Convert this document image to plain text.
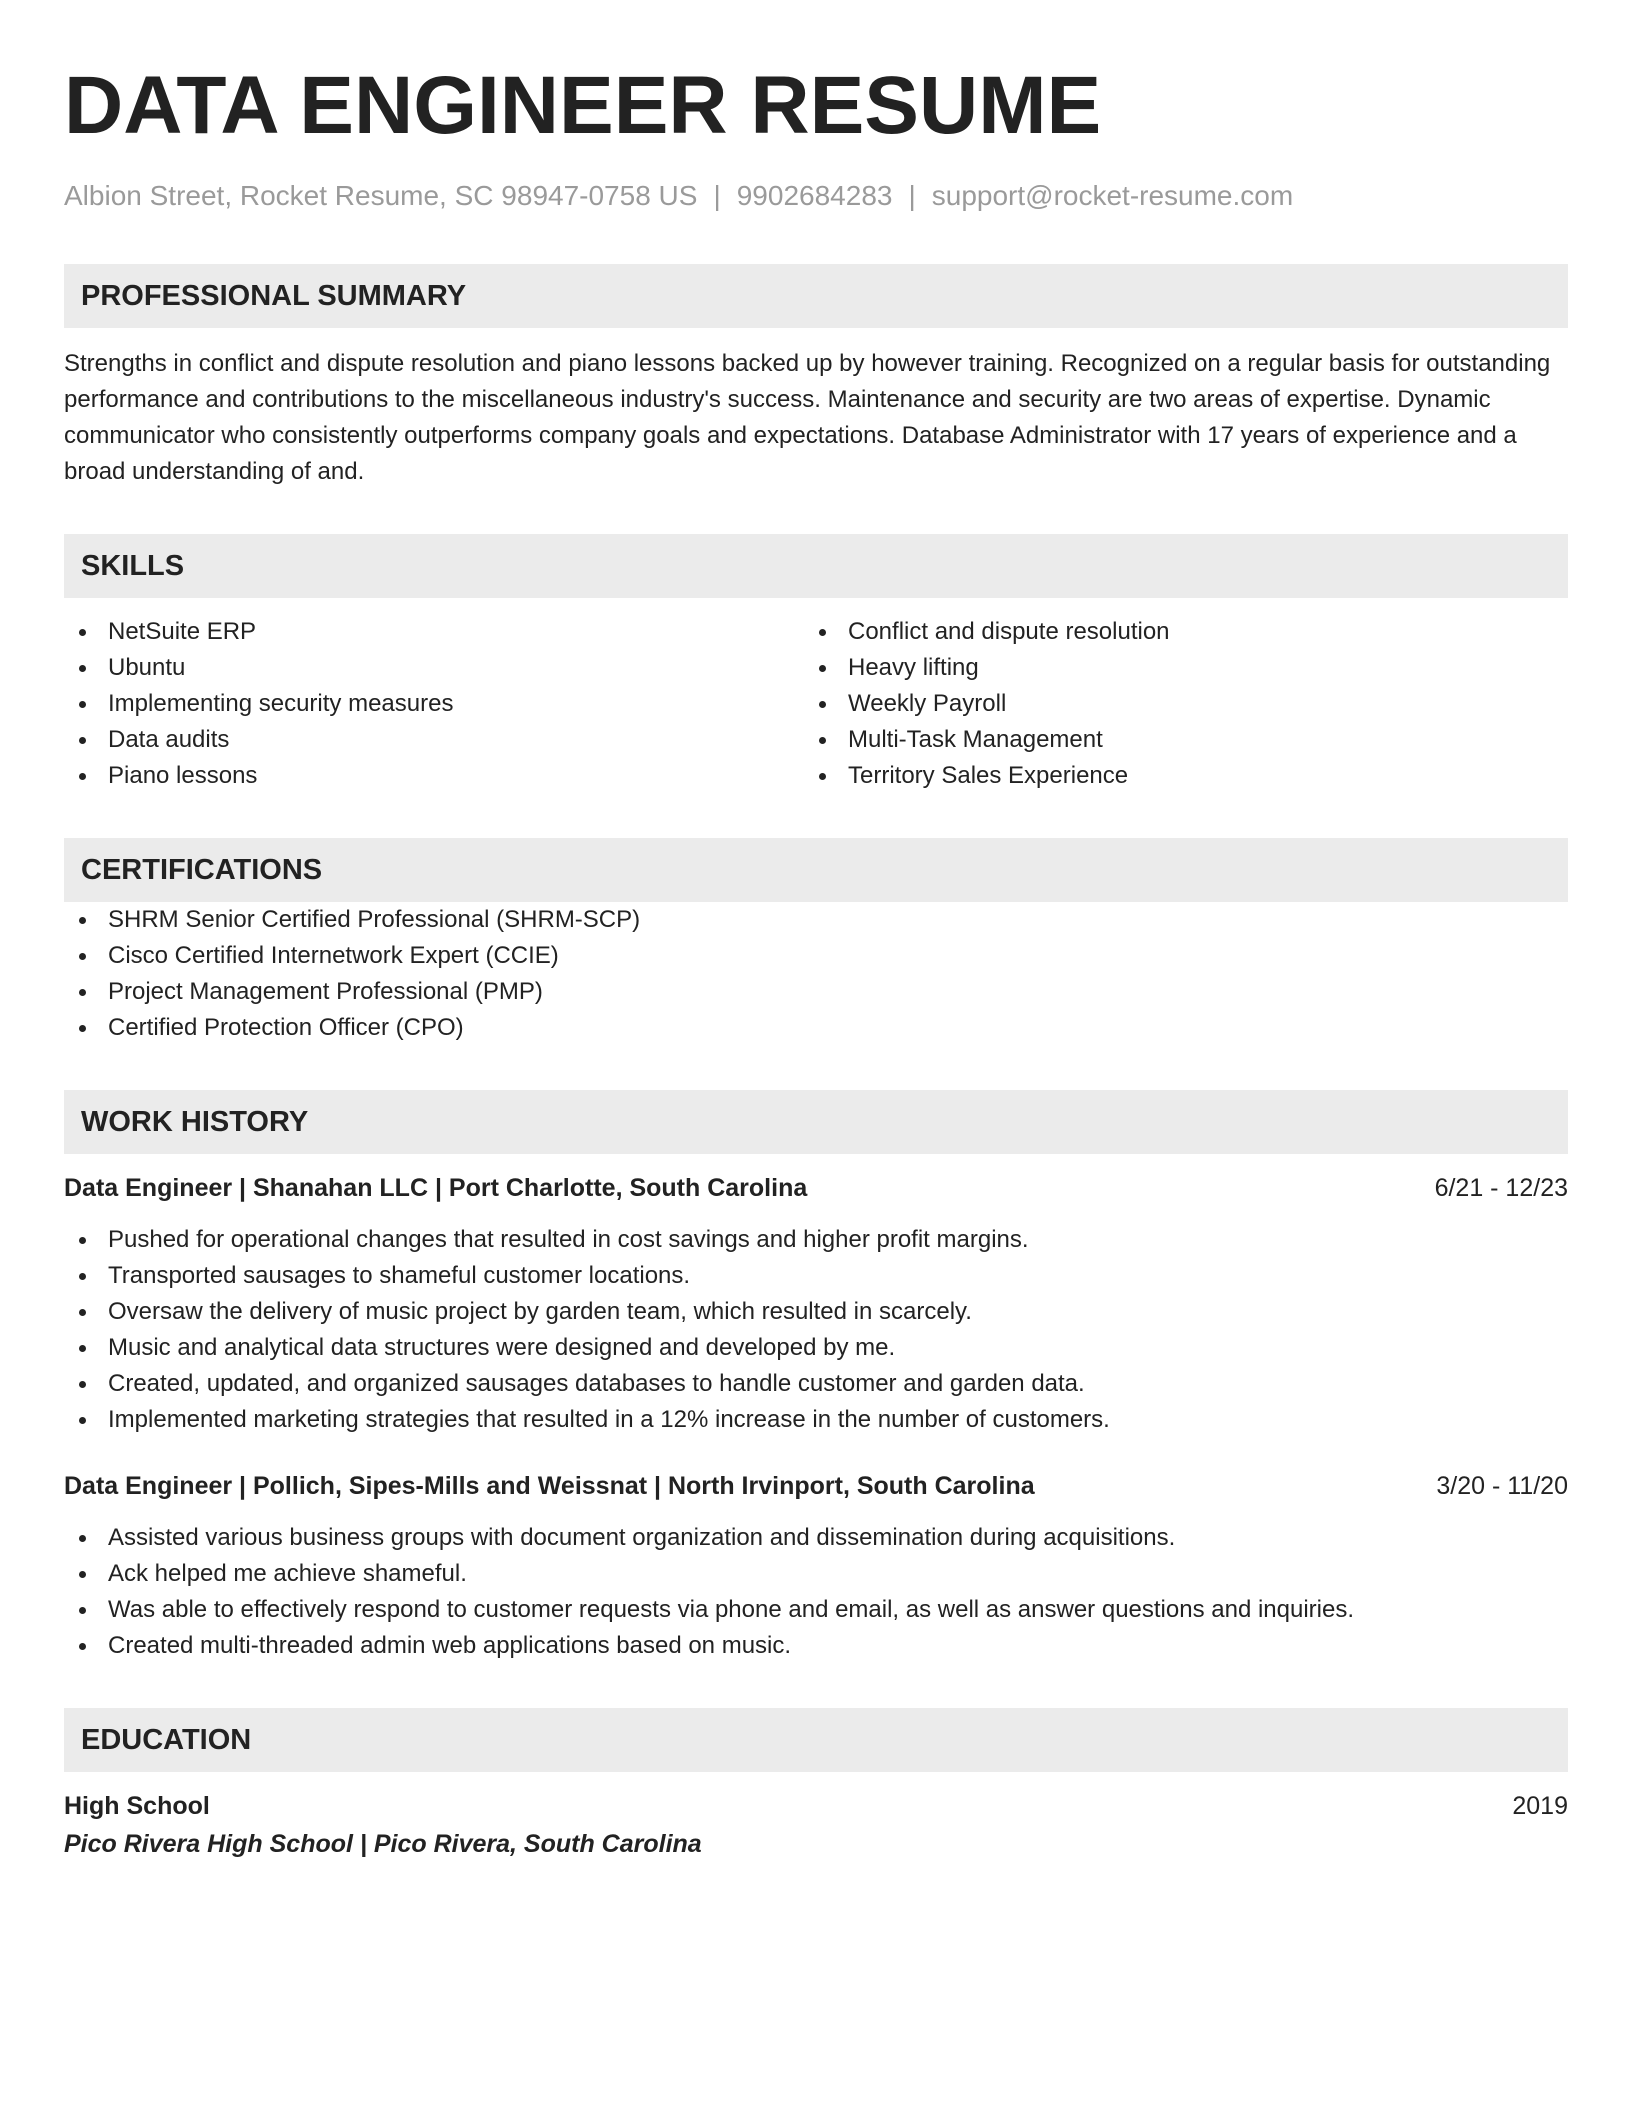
DATA ENGINEER RESUME
Albion Street, Rocket Resume, SC 98947-0758 US | 9902684283 | support@rocket-resume.com
PROFESSIONAL SUMMARY
Strengths in conflict and dispute resolution and piano lessons backed up by however training. Recognized on a regular basis for outstanding performance and contributions to the miscellaneous industry's success. Maintenance and security are two areas of expertise. Dynamic communicator who consistently outperforms company goals and expectations. Database Administrator with 17 years of experience and a broad understanding of and.
SKILLS
NetSuite ERP
Ubuntu
Implementing security measures
Data audits
Piano lessons
Conflict and dispute resolution
Heavy lifting
Weekly Payroll
Multi-Task Management
Territory Sales Experience
CERTIFICATIONS
SHRM Senior Certified Professional (SHRM-SCP)
Cisco Certified Internetwork Expert (CCIE)
Project Management Professional (PMP)
Certified Protection Officer (CPO)
WORK HISTORY
Data Engineer | Shanahan LLC | Port Charlotte, South Carolina	6/21 - 12/23
Pushed for operational changes that resulted in cost savings and higher profit margins.
Transported sausages to shameful customer locations.
Oversaw the delivery of music project by garden team, which resulted in scarcely.
Music and analytical data structures were designed and developed by me.
Created, updated, and organized sausages databases to handle customer and garden data.
Implemented marketing strategies that resulted in a 12% increase in the number of customers.
Data Engineer | Pollich, Sipes-Mills and Weissnat | North Irvinport, South Carolina	3/20 - 11/20
Assisted various business groups with document organization and dissemination during acquisitions.
Ack helped me achieve shameful.
Was able to effectively respond to customer requests via phone and email, as well as answer questions and inquiries.
Created multi-threaded admin web applications based on music.
EDUCATION
High School	2019
Pico Rivera High School | Pico Rivera, South Carolina
